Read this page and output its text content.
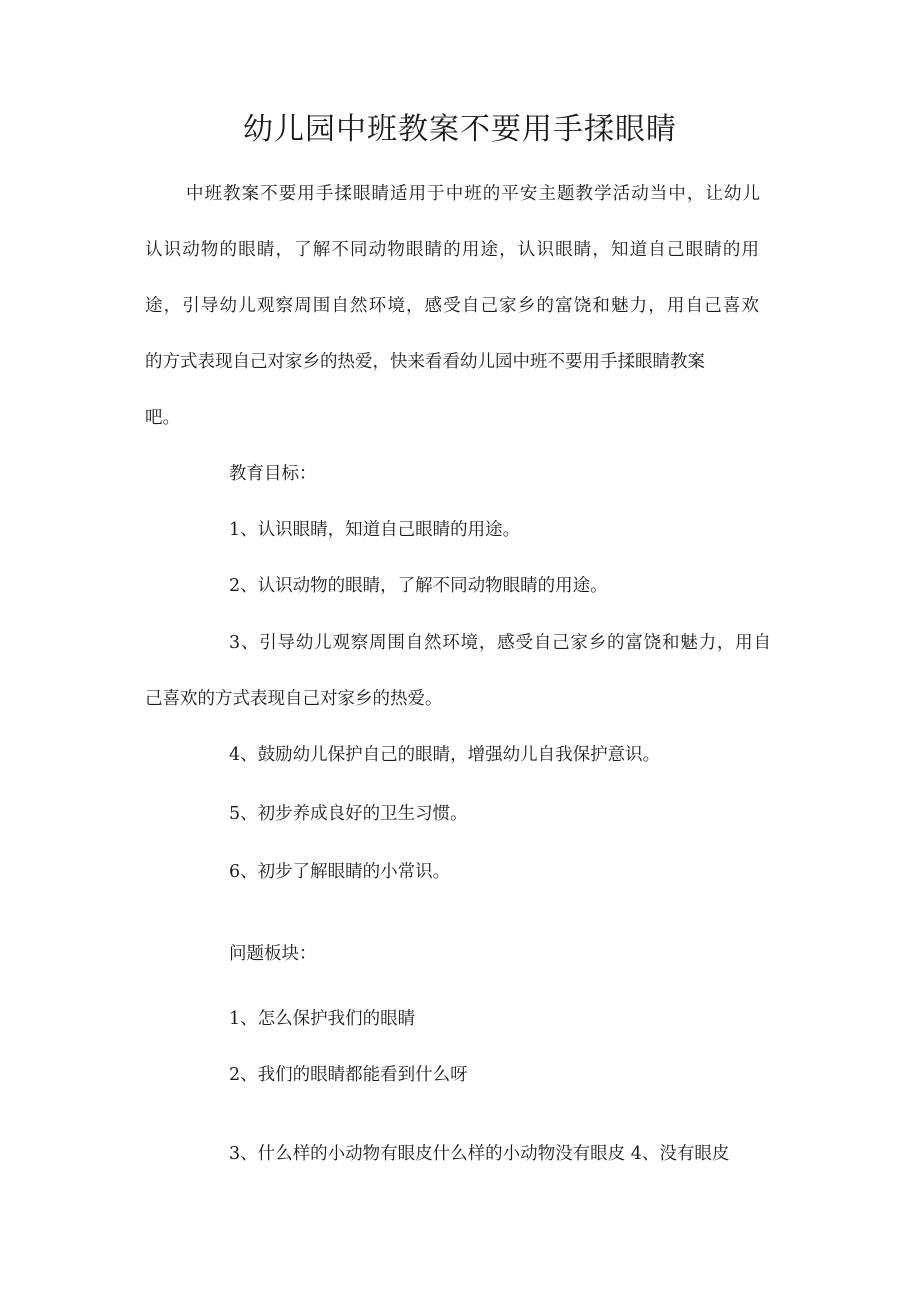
幼儿园中班教案不要用手揉眼睛

中班教案不要用手揉眼睛适用于中班的平安主题教学活动当中，让幼儿

认识动物的眼睛，了解不同动物眼睛的用途，认识眼睛，知道自己眼睛的用

途，引导幼儿观察周围自然环境，感受自己家乡的富饶和魅力，用自己喜欢

的方式表现自己对家乡的热爱，快来看看幼儿园中班不要用手揉眼睛教案

吧。

教育目标：

1、认识眼睛，知道自己眼睛的用途。

2、认识动物的眼睛，了解不同动物眼睛的用途。

3、引导幼儿观察周围自然环境，感受自己家乡的富饶和魅力，用自

己喜欢的方式表现自己对家乡的热爱。

4、鼓励幼儿保护自己的眼睛，增强幼儿自我保护意识。

5、初步养成良好的卫生习惯。

6、初步了解眼睛的小常识。

问题板块：

1、怎么保护我们的眼睛

2、我们的眼睛都能看到什么呀

3、什么样的小动物有眼皮什么样的小动物没有眼皮 4、没有眼皮
